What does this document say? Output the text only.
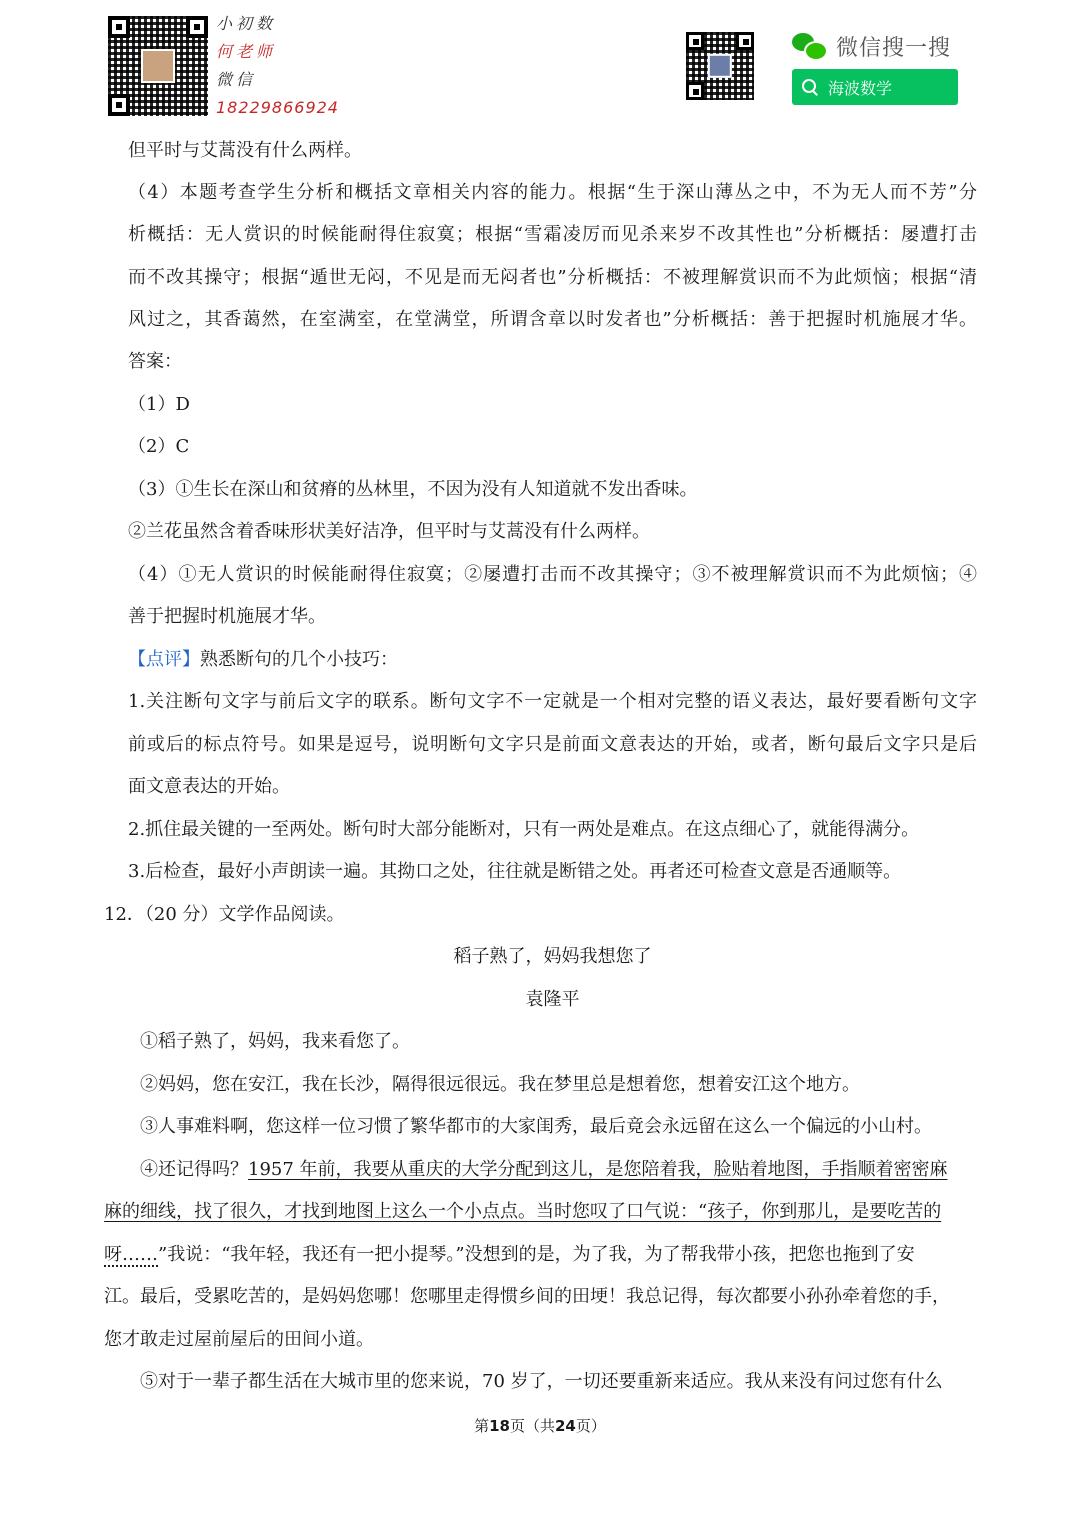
小初数
何老师
微信
18229866924
微信搜一搜
海波数学
但平时与艾蒿没有什么两样。
（4）本题考查学生分析和概括文章相关内容的能力。根据“生于深山薄丛之中，不为无人而不芳”分
析概括：无人赏识的时候能耐得住寂寞；根据“雪霜凌厉而见杀来岁不改其性也”分析概括：屡遭打击
而不改其操守；根据“遁世无闷，不见是而无闷者也”分析概括：不被理解赏识而不为此烦恼；根据“清
风过之，其香蔼然，在室满室，在堂满堂，所谓含章以时发者也”分析概括：善于把握时机施展才华。
答案：
（1）D
（2）C
（3）①生长在深山和贫瘠的丛林里，不因为没有人知道就不发出香味。
②兰花虽然含着香味形状美好洁净，但平时与艾蒿没有什么两样。
（4）①无人赏识的时候能耐得住寂寞；②屡遭打击而不改其操守；③不被理解赏识而不为此烦恼；④
善于把握时机施展才华。
【点评】熟悉断句的几个小技巧：
1.关注断句文字与前后文字的联系。断句文字不一定就是一个相对完整的语义表达，最好要看断句文字
前或后的标点符号。如果是逗号，说明断句文字只是前面文意表达的开始，或者，断句最后文字只是后
面文意表达的开始。
2.抓住最关键的一至两处。断句时大部分能断对，只有一两处是难点。在这点细心了，就能得满分。
3.后检查，最好小声朗读一遍。其拗口之处，往往就是断错之处。再者还可检查文意是否通顺等。
12．（20 分）文学作品阅读。
稻子熟了，妈妈我想您了
袁隆平
①稻子熟了，妈妈，我来看您了。
②妈妈，您在安江，我在长沙，隔得很远很远。我在梦里总是想着您，想着安江这个地方。
③人事难料啊，您这样一位习惯了繁华都市的大家闺秀，最后竟会永远留在这么一个偏远的小山村。
④还记得吗？1957 年前，我要从重庆的大学分配到这儿，是您陪着我，脸贴着地图，手指顺着密密麻
麻的细线，找了很久，才找到地图上这么一个小点点。当时您叹了口气说：“孩子，你到那儿，是要吃苦的
呀……”我说：“我年轻，我还有一把小提琴。”没想到的是，为了我，为了帮我带小孩，把您也拖到了安
江。最后，受累吃苦的，是妈妈您哪！您哪里走得惯乡间的田埂！我总记得，每次都要小孙孙牵着您的手，
您才敢走过屋前屋后的田间小道。
⑤对于一辈子都生活在大城市里的您来说，70 岁了，一切还要重新来适应。我从来没有问过您有什么
第18页（共24页）
